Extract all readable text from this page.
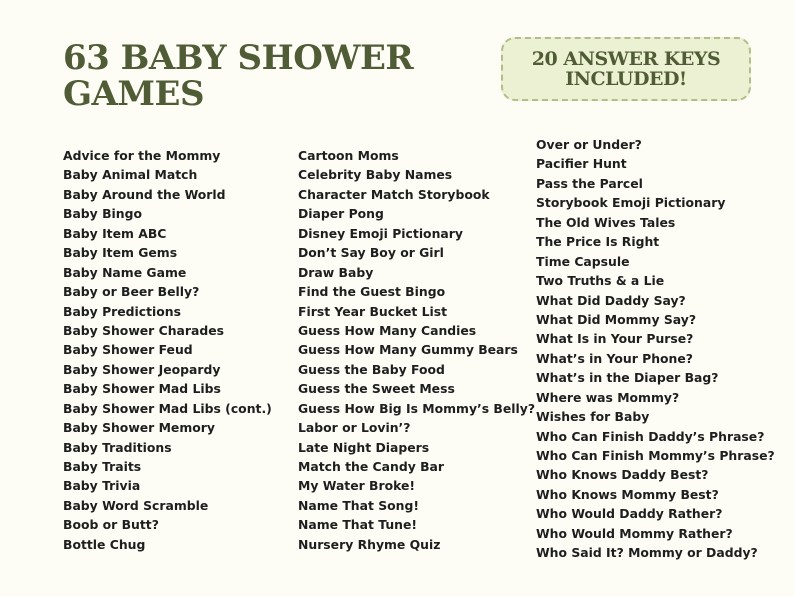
63 BABY SHOWER GAMES
20 ANSWER KEYS INCLUDED!
Advice for the Mommy
Baby Animal Match
Baby Around the World
Baby Bingo
Baby Item ABC
Baby Item Gems
Baby Name Game
Baby or Beer Belly?
Baby Predictions
Baby Shower Charades
Baby Shower Feud
Baby Shower Jeopardy
Baby Shower Mad Libs
Baby Shower Mad Libs (cont.)
Baby Shower Memory
Baby Traditions
Baby Traits
Baby Trivia
Baby Word Scramble
Boob or Butt?
Bottle Chug
Cartoon Moms
Celebrity Baby Names
Character Match Storybook
Diaper Pong
Disney Emoji Pictionary
Don’t Say Boy or Girl
Draw Baby
Find the Guest Bingo
First Year Bucket List
Guess How Many Candies
Guess How Many Gummy Bears
Guess the Baby Food
Guess the Sweet Mess
Guess How Big Is Mommy’s Belly?
Labor or Lovin’?
Late Night Diapers
Match the Candy Bar
My Water Broke!
Name That Song!
Name That Tune!
Nursery Rhyme Quiz
Over or Under?
Pacifier Hunt
Pass the Parcel
Storybook Emoji Pictionary
The Old Wives Tales
The Price Is Right
Time Capsule
Two Truths & a Lie
What Did Daddy Say?
What Did Mommy Say?
What Is in Your Purse?
What’s in Your Phone?
What’s in the Diaper Bag?
Where was Mommy?
Wishes for Baby
Who Can Finish Daddy’s Phrase?
Who Can Finish Mommy’s Phrase?
Who Knows Daddy Best?
Who Knows Mommy Best?
Who Would Daddy Rather?
Who Would Mommy Rather?
Who Said It? Mommy or Daddy?
